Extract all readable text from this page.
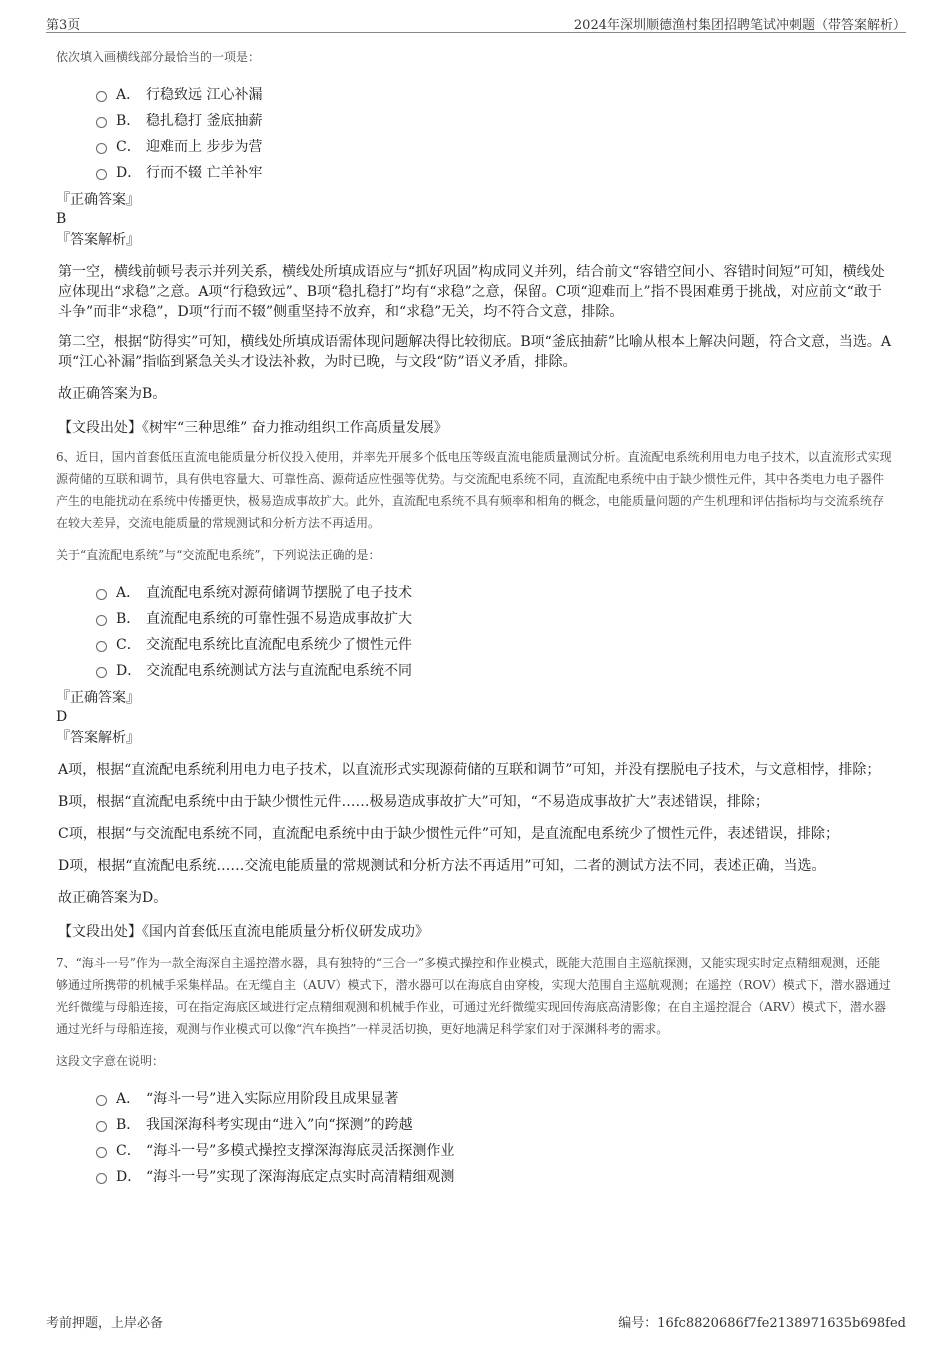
第3页	2024年深圳顺德渔村集团招聘笔试冲刺题（带答案解析）

依次填入画横线部分最恰当的一项是：

A． 行稳致远 江心补漏
B． 稳扎稳打 釜底抽薪
C． 迎难而上 步步为营
D． 行而不辍 亡羊补牢

『正确答案』

B

『答案解析』

第一空，横线前顿号表示并列关系，横线处所填成语应与“抓好巩固”构成同义并列，结合前文“容错空间小、容错时间短”可知，横线处应体现出“求稳”之意。A项“行稳致远”、B项“稳扎稳打”均有“求稳”之意，保留。C项“迎难而上”指不畏困难勇于挑战，对应前文“敢于斗争”而非“求稳”，D项“行而不辍”侧重坚持不放弃，和“求稳”无关，均不符合文意，排除。

第二空，根据“防得实”可知，横线处所填成语需体现问题解决得比较彻底。B项“釜底抽薪”比喻从根本上解决问题，符合文意，当选。A项“江心补漏”指临到紧急关头才设法补救，为时已晚，与文段“防”语义矛盾，排除。

故正确答案为B。

【文段出处】《树牢“三种思维” 奋力推动组织工作高质量发展》

6、近日，国内首套低压直流电能质量分析仪投入使用，并率先开展多个低电压等级直流电能质量测试分析。直流配电系统利用电力电子技术，以直流形式实现源荷储的互联和调节，具有供电容量大、可靠性高、源荷适应性强等优势。与交流配电系统不同，直流配电系统中由于缺少惯性元件，其中各类电力电子器件产生的电能扰动在系统中传播更快，极易造成事故扩大。此外，直流配电系统不具有频率和相角的概念，电能质量问题的产生机理和评估指标均与交流系统存在较大差异，交流电能质量的常规测试和分析方法不再适用。

关于“直流配电系统”与“交流配电系统”，下列说法正确的是：

A． 直流配电系统对源荷储调节摆脱了电子技术
B． 直流配电系统的可靠性强不易造成事故扩大
C． 交流配电系统比直流配电系统少了惯性元件
D． 交流配电系统测试方法与直流配电系统不同

『正确答案』

D

『答案解析』

A项，根据“直流配电系统利用电力电子技术，以直流形式实现源荷储的互联和调节”可知，并没有摆脱电子技术，与文意相悖，排除；

B项，根据“直流配电系统中由于缺少惯性元件……极易造成事故扩大”可知，“不易造成事故扩大”表述错误，排除；

C项，根据“与交流配电系统不同，直流配电系统中由于缺少惯性元件”可知，是直流配电系统少了惯性元件，表述错误，排除；

D项，根据“直流配电系统……交流电能质量的常规测试和分析方法不再适用”可知，二者的测试方法不同，表述正确，当选。

故正确答案为D。

【文段出处】《国内首套低压直流电能质量分析仪研发成功》

7、“海斗一号”作为一款全海深自主遥控潜水器，具有独特的“三合一”多模式操控和作业模式，既能大范围自主巡航探测，又能实现实时定点精细观测，还能够通过所携带的机械手采集样品。在无缆自主（AUV）模式下，潜水器可以在海底自由穿梭，实现大范围自主巡航观测；在遥控（ROV）模式下，潜水器通过光纤微缆与母船连接，可在指定海底区域进行定点精细观测和机械手作业，可通过光纤微缆实现回传海底高清影像；在自主遥控混合（ARV）模式下，潜水器通过光纤与母船连接，观测与作业模式可以像“汽车换挡”一样灵活切换，更好地满足科学家们对于深渊科考的需求。

这段文字意在说明：

A． “海斗一号”进入实际应用阶段且成果显著
B． 我国深海科考实现由“进入”向“探测”的跨越
C． “海斗一号”多模式操控支撑深海海底灵活探测作业
D． “海斗一号”实现了深海海底定点实时高清精细观测
考前押题，上岸必备	编号：16fc8820686f7fe2138971635b698fed
